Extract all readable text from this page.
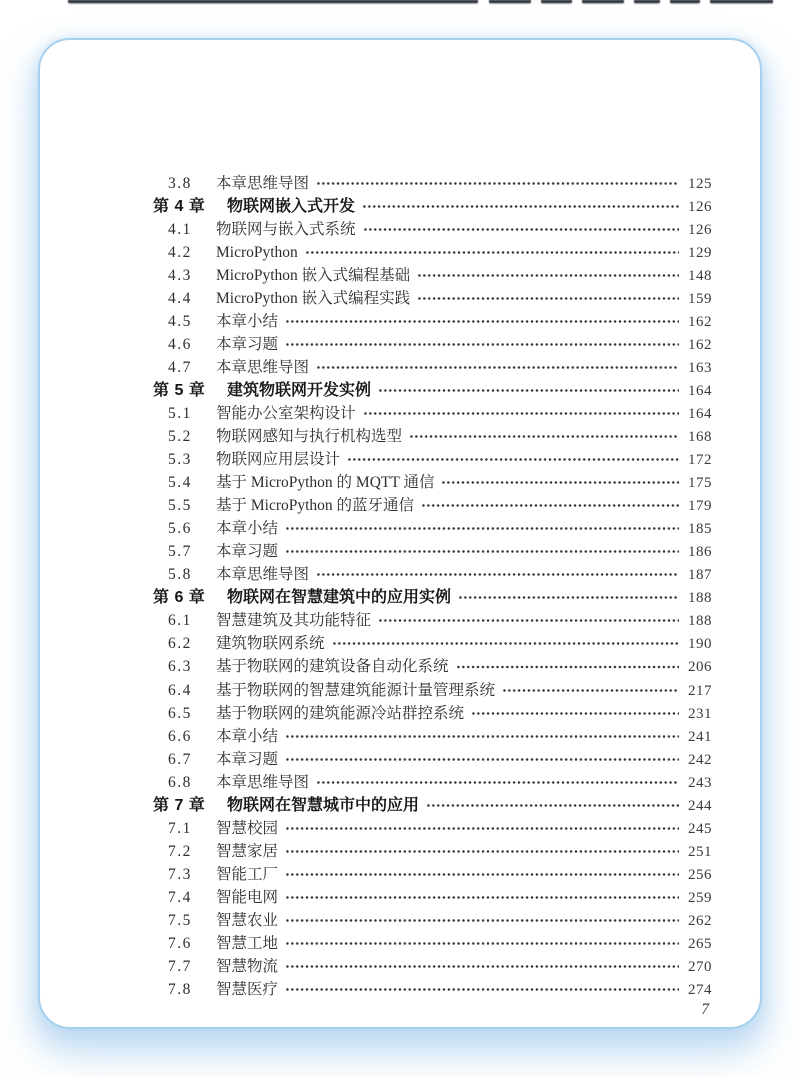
3.8	本章思维导图	125
第 4 章	物联网嵌入式开发	126
4.1	物联网与嵌入式系统	126
4.2	MicroPython	129
4.3	MicroPython 嵌入式编程基础	148
4.4	MicroPython 嵌入式编程实践	159
4.5	本章小结	162
4.6	本章习题	162
4.7	本章思维导图	163
第 5 章	建筑物联网开发实例	164
5.1	智能办公室架构设计	164
5.2	物联网感知与执行机构选型	168
5.3	物联网应用层设计	172
5.4	基于 MicroPython 的 MQTT 通信	175
5.5	基于 MicroPython 的蓝牙通信	179
5.6	本章小结	185
5.7	本章习题	186
5.8	本章思维导图	187
第 6 章	物联网在智慧建筑中的应用实例	188
6.1	智慧建筑及其功能特征	188
6.2	建筑物联网系统	190
6.3	基于物联网的建筑设备自动化系统	206
6.4	基于物联网的智慧建筑能源计量管理系统	217
6.5	基于物联网的建筑能源冷站群控系统	231
6.6	本章小结	241
6.7	本章习题	242
6.8	本章思维导图	243
第 7 章	物联网在智慧城市中的应用	244
7.1	智慧校园	245
7.2	智慧家居	251
7.3	智能工厂	256
7.4	智能电网	259
7.5	智慧农业	262
7.6	智慧工地	265
7.7	智慧物流	270
7.8	智慧医疗	274
7
